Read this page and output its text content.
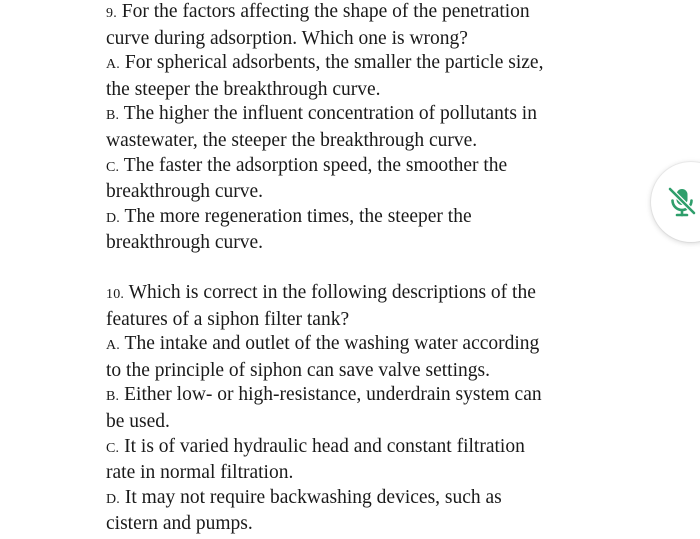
9. For the factors affecting the shape of the penetration
curve during adsorption. Which one is wrong?
A. For spherical adsorbents, the smaller the particle size,
the steeper the breakthrough curve.
B. The higher the influent concentration of pollutants in
wastewater, the steeper the breakthrough curve.
C. The faster the adsorption speed, the smoother the
breakthrough curve.
D. The more regeneration times, the steeper the
breakthrough curve.
10. Which is correct in the following descriptions of the
features of a siphon filter tank?
A. The intake and outlet of the washing water according
to the principle of siphon can save valve settings.
B. Either low- or high-resistance, underdrain system can
be used.
C. It is of varied hydraulic head and constant filtration
rate in normal filtration.
D. It may not require backwashing devices, such as
cistern and pumps.
